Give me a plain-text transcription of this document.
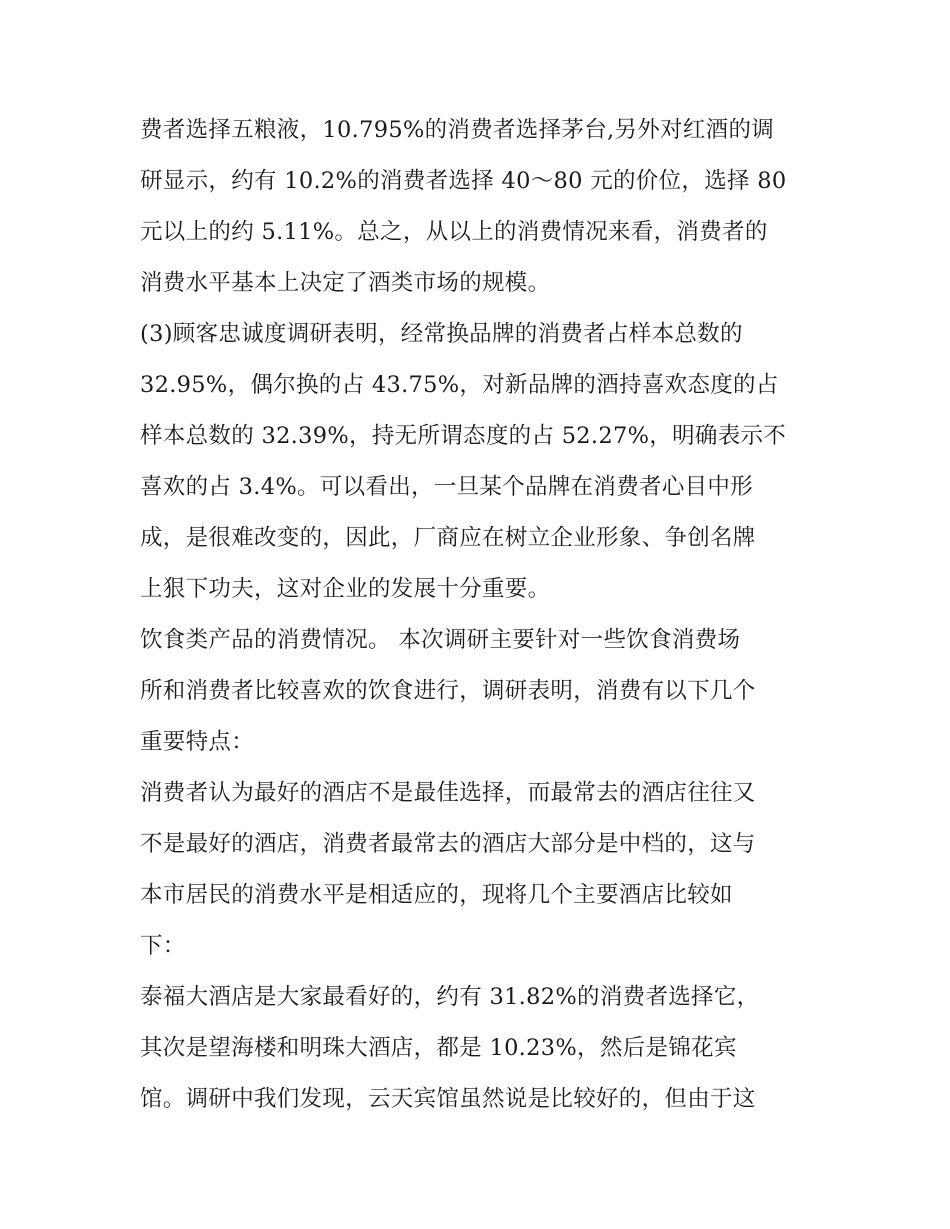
费者选择五粮液，10.795%的消费者选择茅台,另外对红酒的调
研显示，约有 10.2%的消费者选择 40～80 元的价位，选择 80
元以上的约 5.11%。总之，从以上的消费情况来看，消费者的
消费水平基本上决定了酒类市场的规模。
(3)顾客忠诚度调研表明，经常换品牌的消费者占样本总数的
32.95%，偶尔换的占 43.75%，对新品牌的酒持喜欢态度的占
样本总数的 32.39%，持无所谓态度的占 52.27%，明确表示不
喜欢的占 3.4%。可以看出，一旦某个品牌在消费者心目中形
成，是很难改变的，因此，厂商应在树立企业形象、争创名牌
上狠下功夫，这对企业的发展十分重要。
饮食类产品的消费情况。 本次调研主要针对一些饮食消费场
所和消费者比较喜欢的饮食进行，调研表明，消费有以下几个
重要特点：
消费者认为最好的酒店不是最佳选择，而最常去的酒店往往又
不是最好的酒店，消费者最常去的酒店大部分是中档的，这与
本市居民的消费水平是相适应的，现将几个主要酒店比较如
下：
泰福大酒店是大家最看好的，约有 31.82%的消费者选择它，
其次是望海楼和明珠大酒店，都是 10.23%，然后是锦花宾
馆。调研中我们发现，云天宾馆虽然说是比较好的，但由于这
